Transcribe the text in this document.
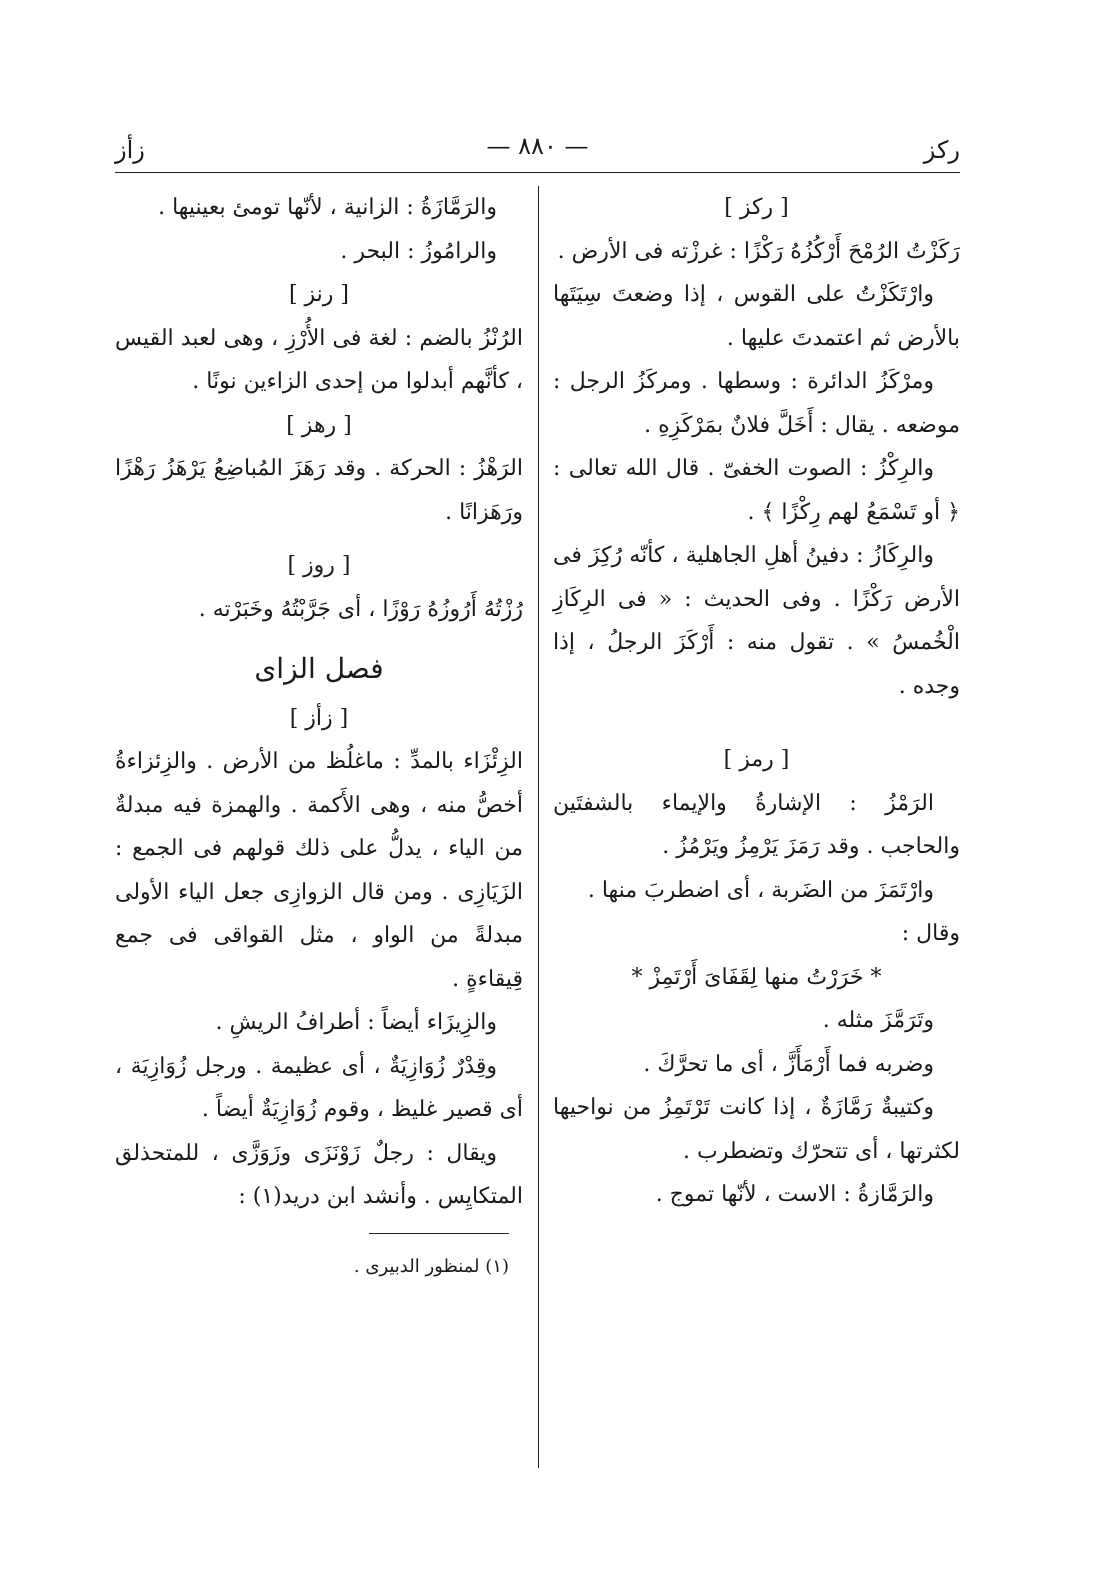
ركز
— ٨٨٠ —
زأز

[ ركز ]

رَكَزْتُ الرُمْحَ أَرْكُزُهُ رَكْزًا : غرزْته فى الأرض .

وارْتَكَزْتُ على القوس ، إذا وضعتَ سِيَتَها بالأرض ثم اعتمدتَ عليها .

ومرْكَزُ الدائرة : وسطها . ومركَزُ الرجل : موضعه . يقال : أَخَلَّ فلانٌ بمَرْكَزِهِ .

والرِكْزُ : الصوت الخفىّ . قال الله تعالى : ﴿ أو تَسْمَعُ لهم رِكْزًا ﴾ .

والرِكَازُ : دفينُ أهلِ الجاهلية ، كأنّه رُكِزَ فى الأرض رَكْزًا . وفى الحديث : « فى الرِكَازِ الْخُمسُ » . تقول منه : أَرْكَزَ الرجلُ ، إذا وجده .

[ رمز ]

الرَمْزُ : الإشارةُ والإيماء بالشفتَين والحاجب . وقد رَمَزَ يَرْمِزُ ويَرْمُزُ .

وارْتَمَزَ من الضَربة ، أى اضطربَ منها .

وقال :

* خَرَرْتُ منها لِقَفَاىَ أَرْتَمِزْ *

وتَرَمَّزَ مثله .

وضربه فما أَرْمَأَزَّ ، أى ما تحرَّكَ .

وكتيبةٌ رَمَّازَةٌ ، إذا كانت تَرْتَمِزُ من نواحيها لكثرتها ، أى تتحرّك وتضطرب .

والرَمَّازةُ : الاست ، لأنّها تموج .

والرَمَّازَةُ : الزانية ، لأنّها تومئ بعينيها .

والرامُوزُ : البحر .

[ رنز ]

الرُنْزُ بالضم : لغة فى الأُرْزِ ، وهى لعبد القيس ، كأنَّهم أبدلوا من إحدى الزاءين نونًا .

[ رهز ]

الرَهْزُ : الحركة . وقد رَهَزَ المُباضِعُ يَرْهَزُ رَهْزًا ورَهَزانًا .

[ روز ]

رُزْتُهُ أَرُوزُهُ رَوْزًا ، أى جَرَّبْتُهُ وخَبَرْته .

فصل الزاى

[ زأز ]

الزِئْزَاء بالمدِّ : ماغلُظ من الأرض . والزِئزاءةُ أخصُّ منه ، وهى الأَكمة . والهمزة فيه مبدلةٌ من الياء ، يدلُّ على ذلك قولهم فى الجمع : الزَيَازِى . ومن قال الزوازِى جعل الياء الأولى مبدلةً من الواو ، مثل القواقى فى جمع قِيقاءةٍ .

والزِيزَاء أيضاً : أطرافُ الريشِ .

وقِدْرٌ زُوَازِيَةٌ ، أى عظيمة . ورجل زُوَازِيَة ، أى قصير غليظ ، وقوم زُوَازِيَةٌ أيضاً .

ويقال : رجلٌ زَوْنَزَى وزَوَزَّى ، للمتحذلق المتكايِس . وأنشد ابن دريد(١) :

(١) لمنظور الدبيرى .
